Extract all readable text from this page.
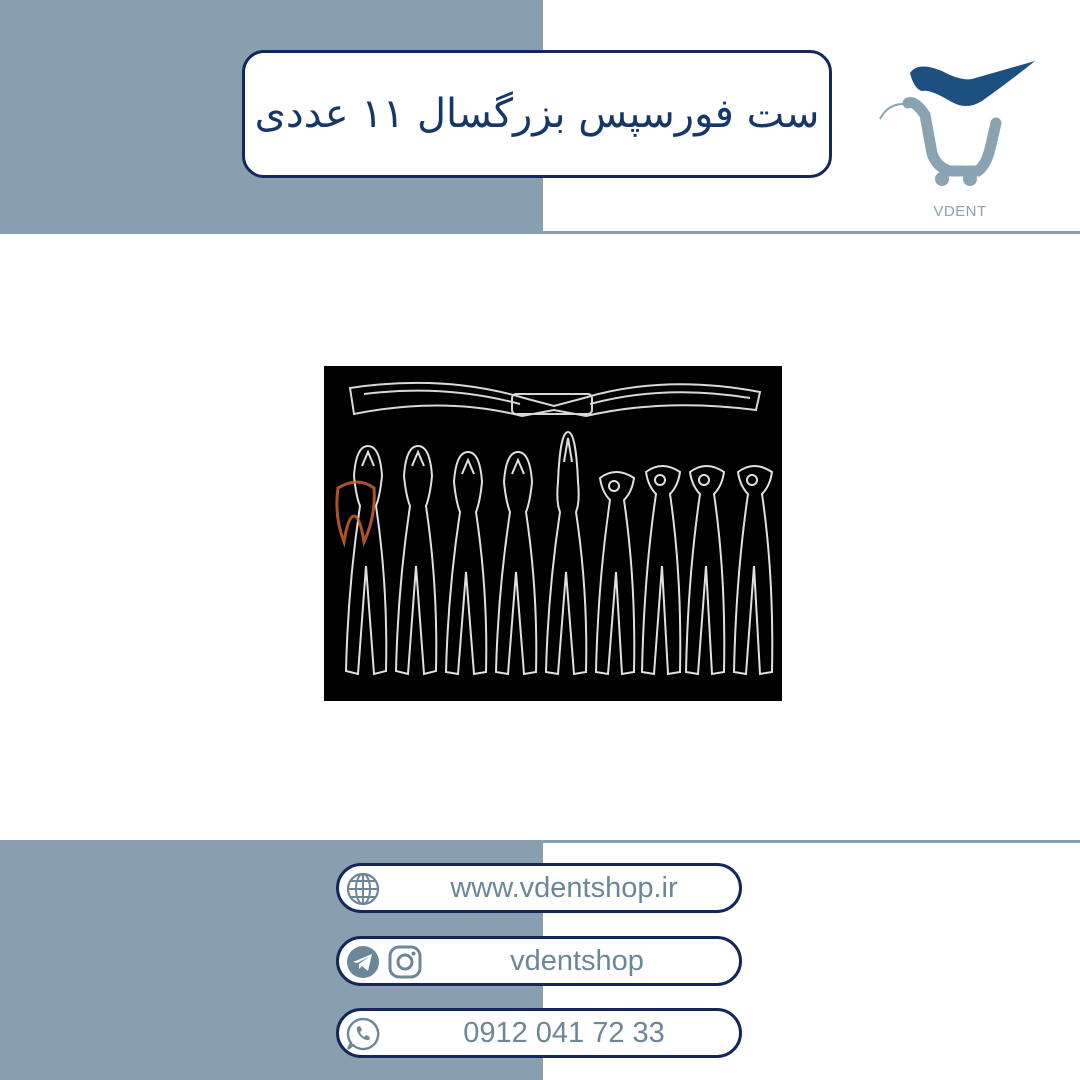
ست فورسپس بزرگسال ۱۱ عددی
VDENT
www.vdentshop.ir
vdentshop
0912 041 72 33
